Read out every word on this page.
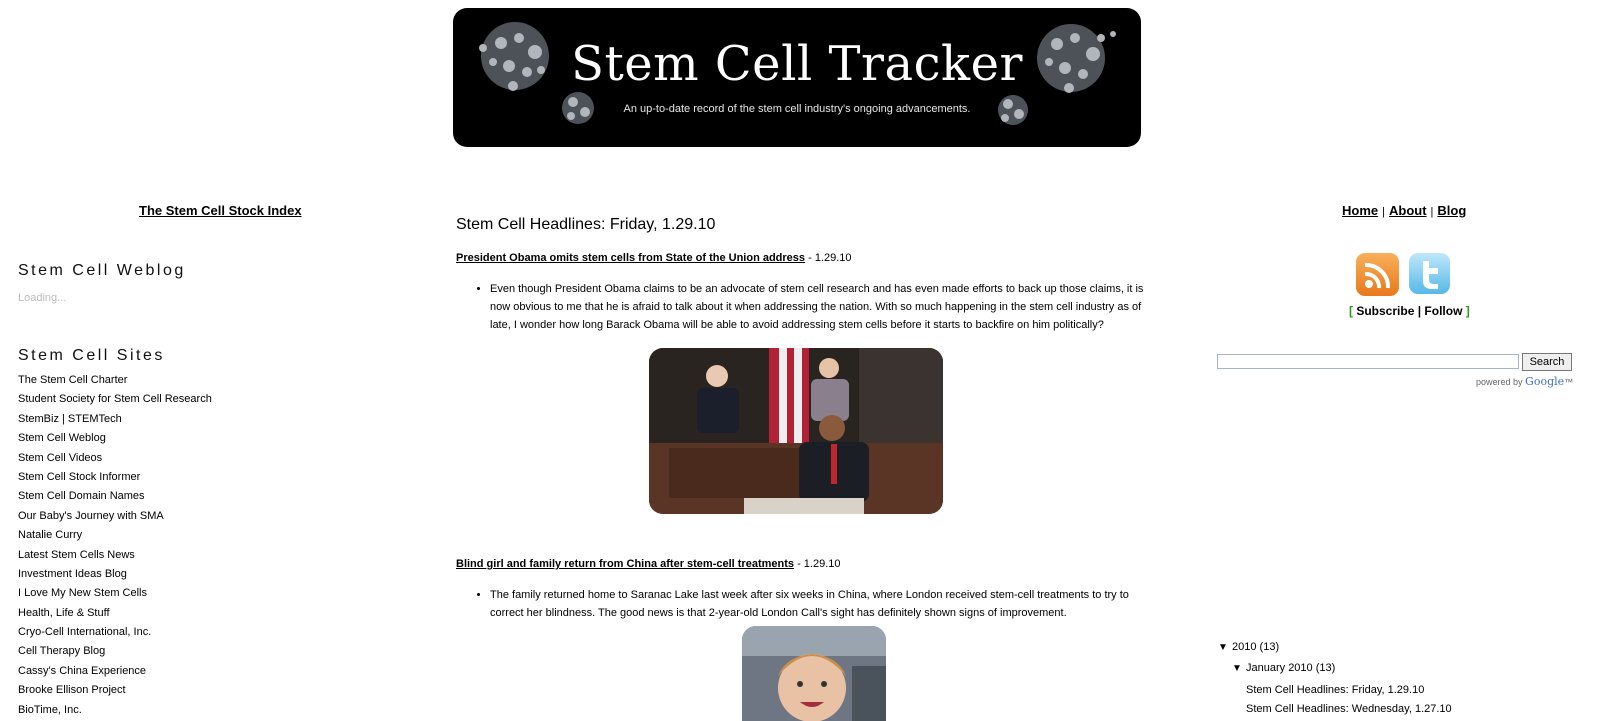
Stem Cell Tracker
An up-to-date record of the stem cell industry's ongoing advancements.
The Stem Cell Stock Index
Stem Cell Weblog
Loading...
Stem Cell Sites
The Stem Cell Charter
Student Society for Stem Cell Research
StemBiz | STEMTech
Stem Cell Weblog
Stem Cell Videos
Stem Cell Stock Informer
Stem Cell Domain Names
Our Baby's Journey with SMA
Natalie Curry
Latest Stem Cells News
Investment Ideas Blog
I Love My New Stem Cells
Health, Life & Stuff
Cryo-Cell International, Inc.
Cell Therapy Blog
Cassy's China Experience
Brooke Ellison Project
BioTime, Inc.
Stem Cell Headlines: Friday, 1.29.10
President Obama omits stem cells from State of the Union address - 1.29.10
• Even though President Obama claims to be an advocate of stem cell research and has even made efforts to back up those claims, it is now obvious to me that he is afraid to talk about it when addressing the nation. With so much happening in the stem cell industry as of late, I wonder how long Barack Obama will be able to avoid addressing stem cells before it starts to backfire on him politically?
Blind girl and family return from China after stem-cell treatments - 1.29.10
• The family returned home to Saranac Lake last week after six weeks in China, where London received stem-cell treatments to try to correct her blindness. The good news is that 2-year-old London Call's sight has definitely shown signs of improvement.
Home | About | Blog
[ Subscribe | Follow ]
Search
powered by Google™
▼ 2010 (13)
▼ January 2010 (13)
Stem Cell Headlines: Friday, 1.29.10
Stem Cell Headlines: Wednesday, 1.27.10
